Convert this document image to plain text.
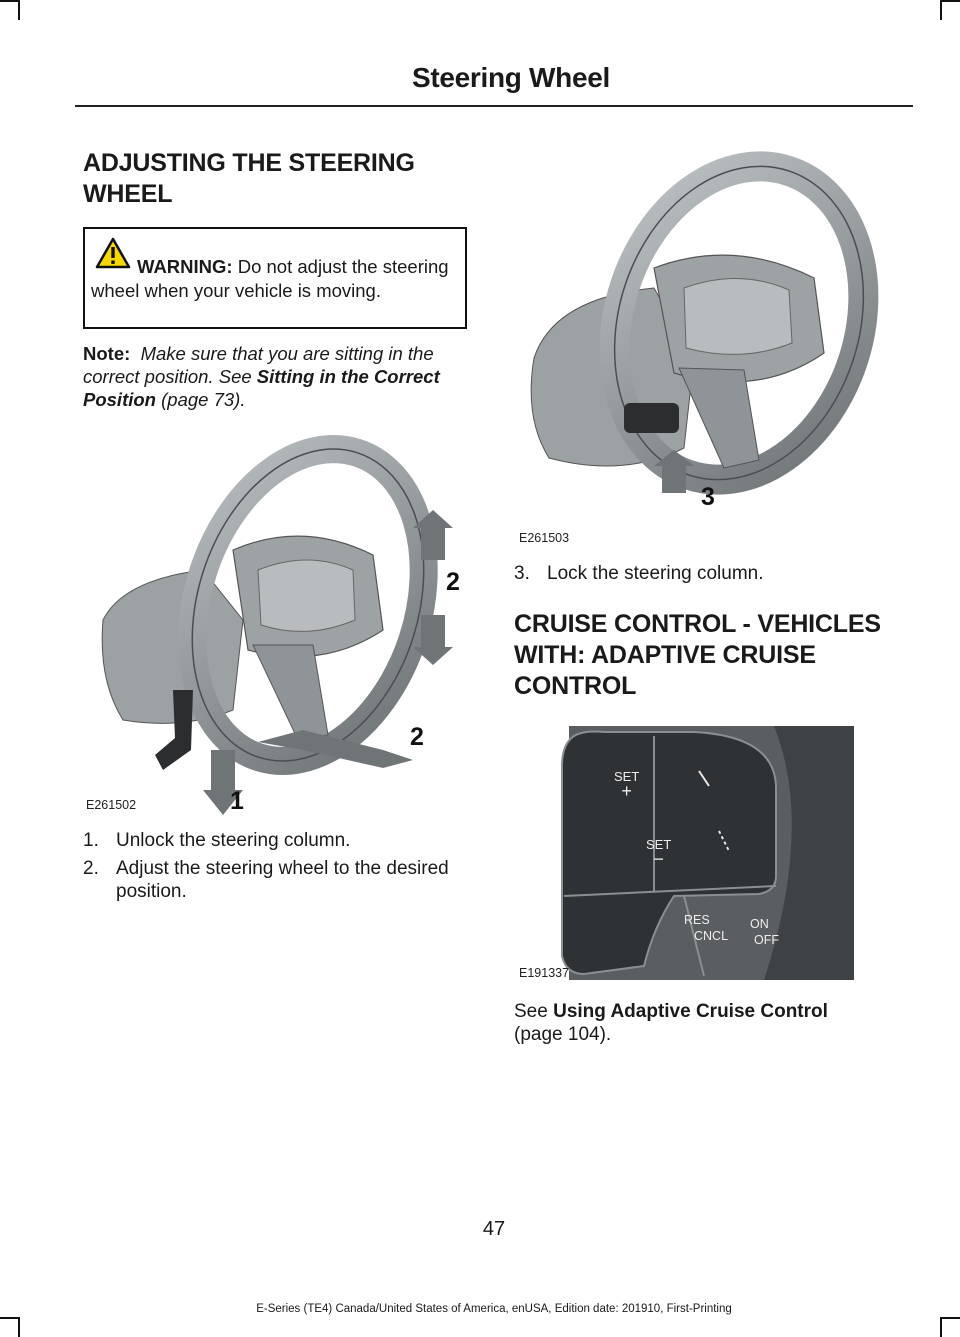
Steering Wheel
ADJUSTING THE STEERING
WHEEL
WARNING: Do not adjust the steering wheel when your vehicle is moving.
Note: Make sure that you are sitting in the correct position. See Sitting in the Correct Position (page 73).
2
2
1
E261502
1. Unlock the steering column.
2. Adjust the steering wheel to the desired
position.
3
E261503
3. Lock the steering column.
CRUISE CONTROL - VEHICLES
WITH: ADAPTIVE CRUISE
CONTROL
SET
+
SET
−
RES
CNCL
ON
OFF
E191337
See Using Adaptive Cruise Control
(page 104).
47
E-Series (TE4) Canada/United States of America, enUSA, Edition date: 201910, First-Printing
